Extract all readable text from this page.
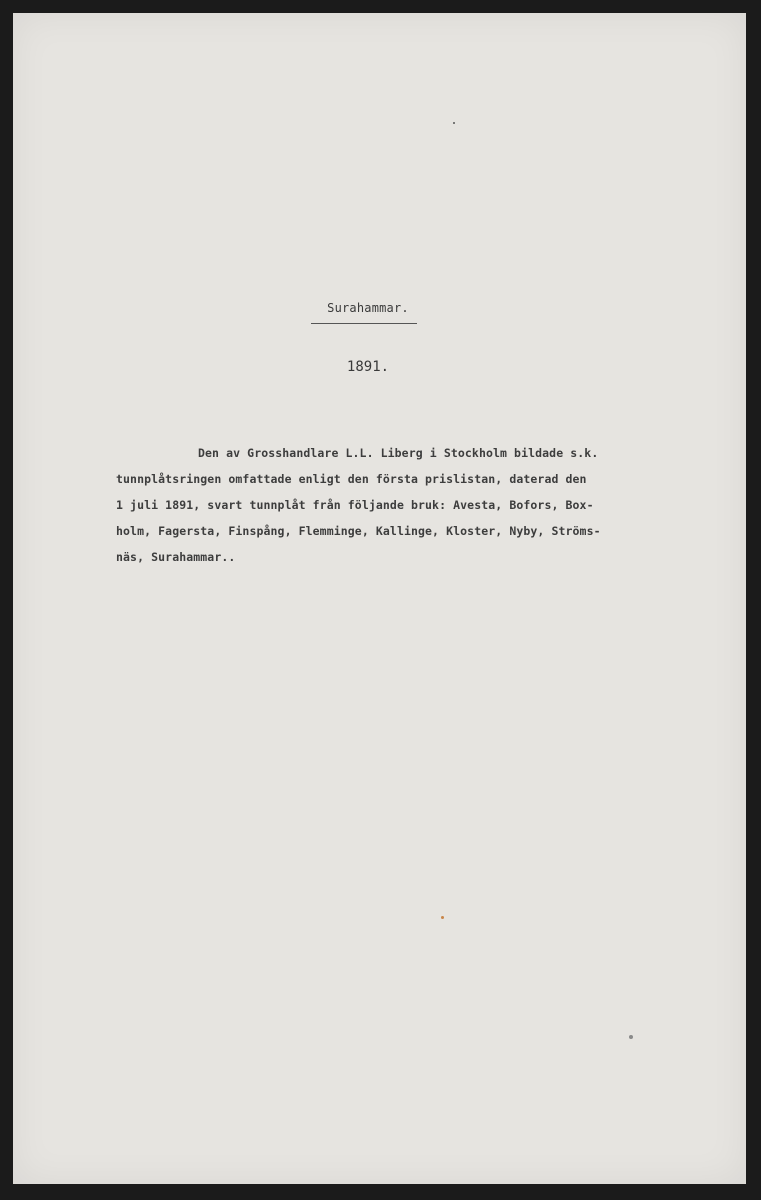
Surahammar.
1891.
Den av Grosshandlare L.L. Liberg i Stockholm bildade s.k.
tunnplåtsringen omfattade enligt den första prislistan, daterad den
1 juli 1891, svart tunnplåt från följande bruk: Avesta, Bofors, Box-
holm, Fagersta, Finspång, Flemminge, Kallinge, Kloster, Nyby, Ströms-
näs, Surahammar..
